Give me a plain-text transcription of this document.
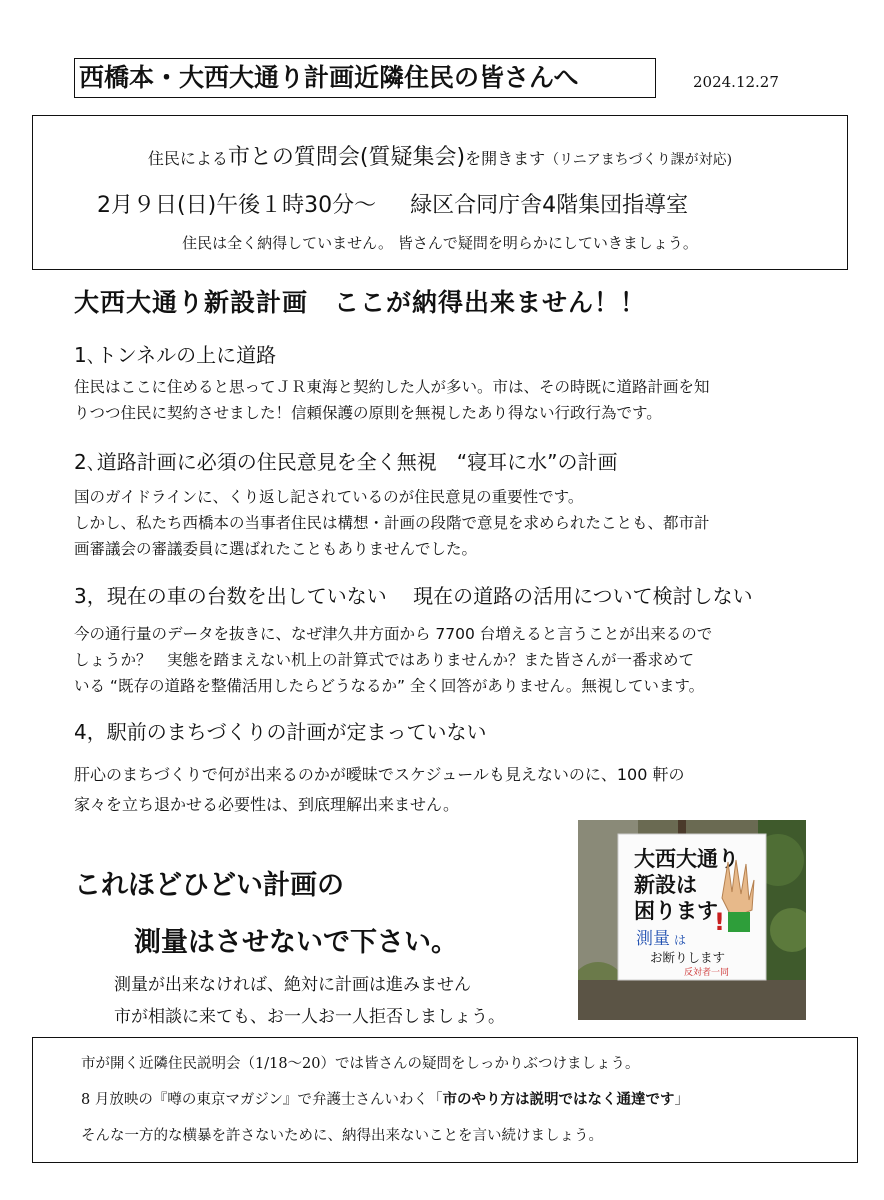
西橋本・大西大通り計画近隣住民の皆さんへ	2024.12.27
住民による市との質問会(質疑集会)を開きます（リニアまちづくり課が対応)
2月９日(日)午後１時30分～ 緑区合同庁舎4階集団指導室
住民は全く納得していません。 皆さんで疑問を明らかにしていきましょう。
大西大通り新設計画　ここが納得出来ません！！
1､トンネルの上に道路
住民はここに住めると思ってＪＲ東海と契約した人が多い。市は、その時既に道路計画を知
りつつ住民に契約させました！信頼保護の原則を無視したあり得ない行政行為です。
2､道路計画に必須の住民意見を全く無視　“寝耳に水”の計画
国のガイドラインに、くり返し記されているのが住民意見の重要性です。
しかし、私たち西橋本の当事者住民は構想・計画の段階で意見を求められたことも、都市計
画審議会の審議委員に選ばれたこともありませんでした。
3，現在の車の台数を出していない　 現在の道路の活用について検討しない
今の通行量のデータを抜きに、なぜ津久井方面から 7700 台増えると言うことが出来るので
しょうか？　実態を踏まえない机上の計算式ではありませんか？また皆さんが一番求めて
いる “既存の道路を整備活用したらどうなるか” 全く回答がありません。無視しています。
4，駅前のまちづくりの計画が定まっていない
肝心のまちづくりで何が出来るのかが曖昧でスケジュールも見えないのに、100 軒の
家々を立ち退かせる必要性は、到底理解出来ません。
大西大通り
新設は
困ります
測量 は
お断りします
反対者一同
!
これほどひどい計画の
測量はさせないで下さい。
測量が出来なければ、絶対に計画は進みません
市が相談に来ても、お一人お一人拒否しましょう。
市が開く近隣住民説明会（1/18～20）では皆さんの疑問をしっかりぶつけましょう。
8 月放映の『噂の東京マガジン』で弁護士さんいわく「市のやり方は説明ではなく通達です」
そんな一方的な横暴を許さないために、納得出来ないことを言い続けましょう。
